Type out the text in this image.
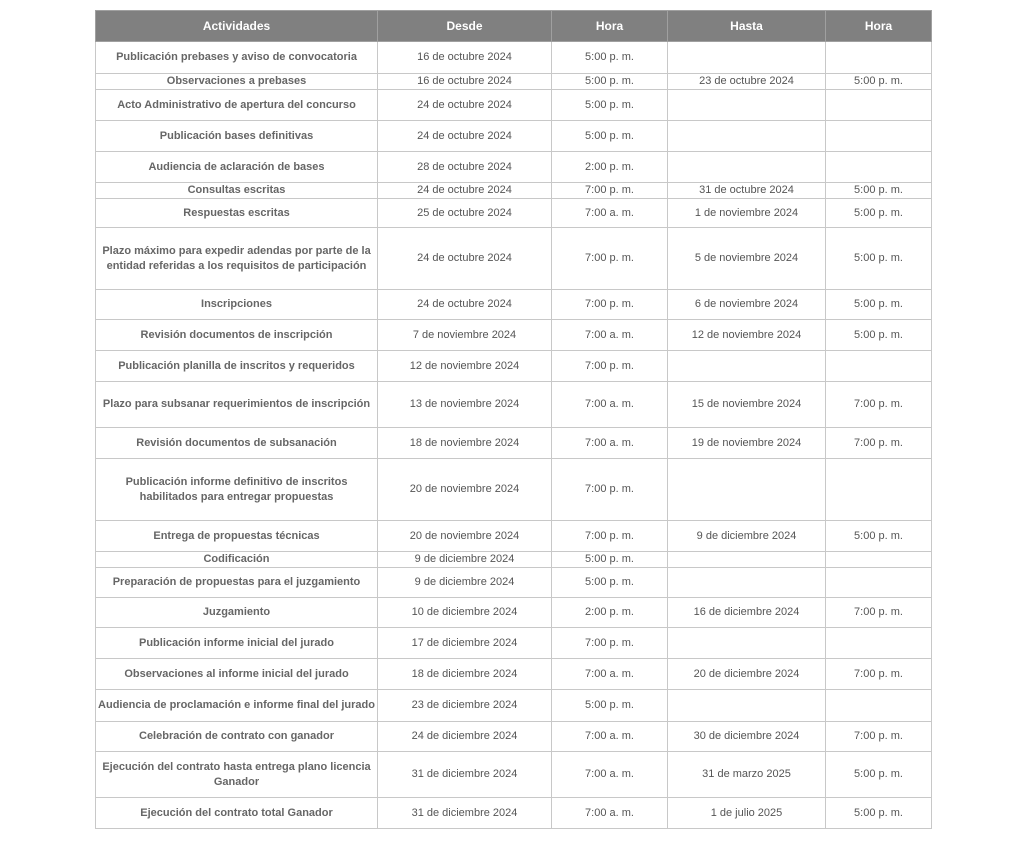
Actividades	Desde	Hora	Hasta	Hora
Publicación prebases y aviso de convocatoria	16 de octubre 2024	5:00 p. m.		
Observaciones a prebases	16 de octubre 2024	5:00 p. m.	23 de octubre 2024	5:00 p. m.
Acto Administrativo de apertura del concurso	24 de octubre 2024	5:00 p. m.		
Publicación bases definitivas	24 de octubre 2024	5:00 p. m.		
Audiencia de aclaración de bases	28 de octubre 2024	2:00 p. m.		
Consultas escritas	24 de octubre 2024	7:00 p. m.	31 de octubre 2024	5:00 p. m.
Respuestas escritas	25 de octubre 2024	7:00 a. m.	1 de noviembre 2024	5:00 p. m.
Plazo máximo para expedir adendas por parte de la entidad referidas a los requisitos de participación	24 de octubre 2024	7:00 p. m.	5 de noviembre 2024	5:00 p. m.
Inscripciones	24 de octubre 2024	7:00 p. m.	6 de noviembre 2024	5:00 p. m.
Revisión documentos de inscripción	7 de noviembre 2024	7:00 a. m.	12 de noviembre 2024	5:00 p. m.
Publicación planilla de inscritos y requeridos	12 de noviembre 2024	7:00 p. m.		
Plazo para subsanar requerimientos de inscripción	13 de noviembre 2024	7:00 a. m.	15 de noviembre 2024	7:00 p. m.
Revisión documentos de subsanación	18 de noviembre 2024	7:00 a. m.	19 de noviembre 2024	7:00 p. m.
Publicación informe definitivo de inscritos habilitados para entregar propuestas	20 de noviembre 2024	7:00 p. m.		
Entrega de propuestas técnicas	20 de noviembre 2024	7:00 p. m.	9 de diciembre 2024	5:00 p. m.
Codificación	9 de diciembre 2024	5:00 p. m.		
Preparación de propuestas para el juzgamiento	9 de diciembre 2024	5:00 p. m.		
Juzgamiento	10 de diciembre 2024	2:00 p. m.	16 de diciembre 2024	7:00 p. m.
Publicación informe inicial del jurado	17 de diciembre 2024	7:00 p. m.		
Observaciones al informe inicial del jurado	18 de diciembre 2024	7:00 a. m.	20 de diciembre 2024	7:00 p. m.
Audiencia de proclamación e informe final del jurado	23 de diciembre 2024	5:00 p. m.		
Celebración de contrato con ganador	24 de diciembre 2024	7:00 a. m.	30 de diciembre 2024	7:00 p. m.
Ejecución del contrato hasta entrega plano licencia Ganador	31 de diciembre 2024	7:00 a. m.	31 de marzo 2025	5:00 p. m.
Ejecución del contrato total Ganador	31 de diciembre 2024	7:00 a. m.	1 de julio 2025	5:00 p. m.
